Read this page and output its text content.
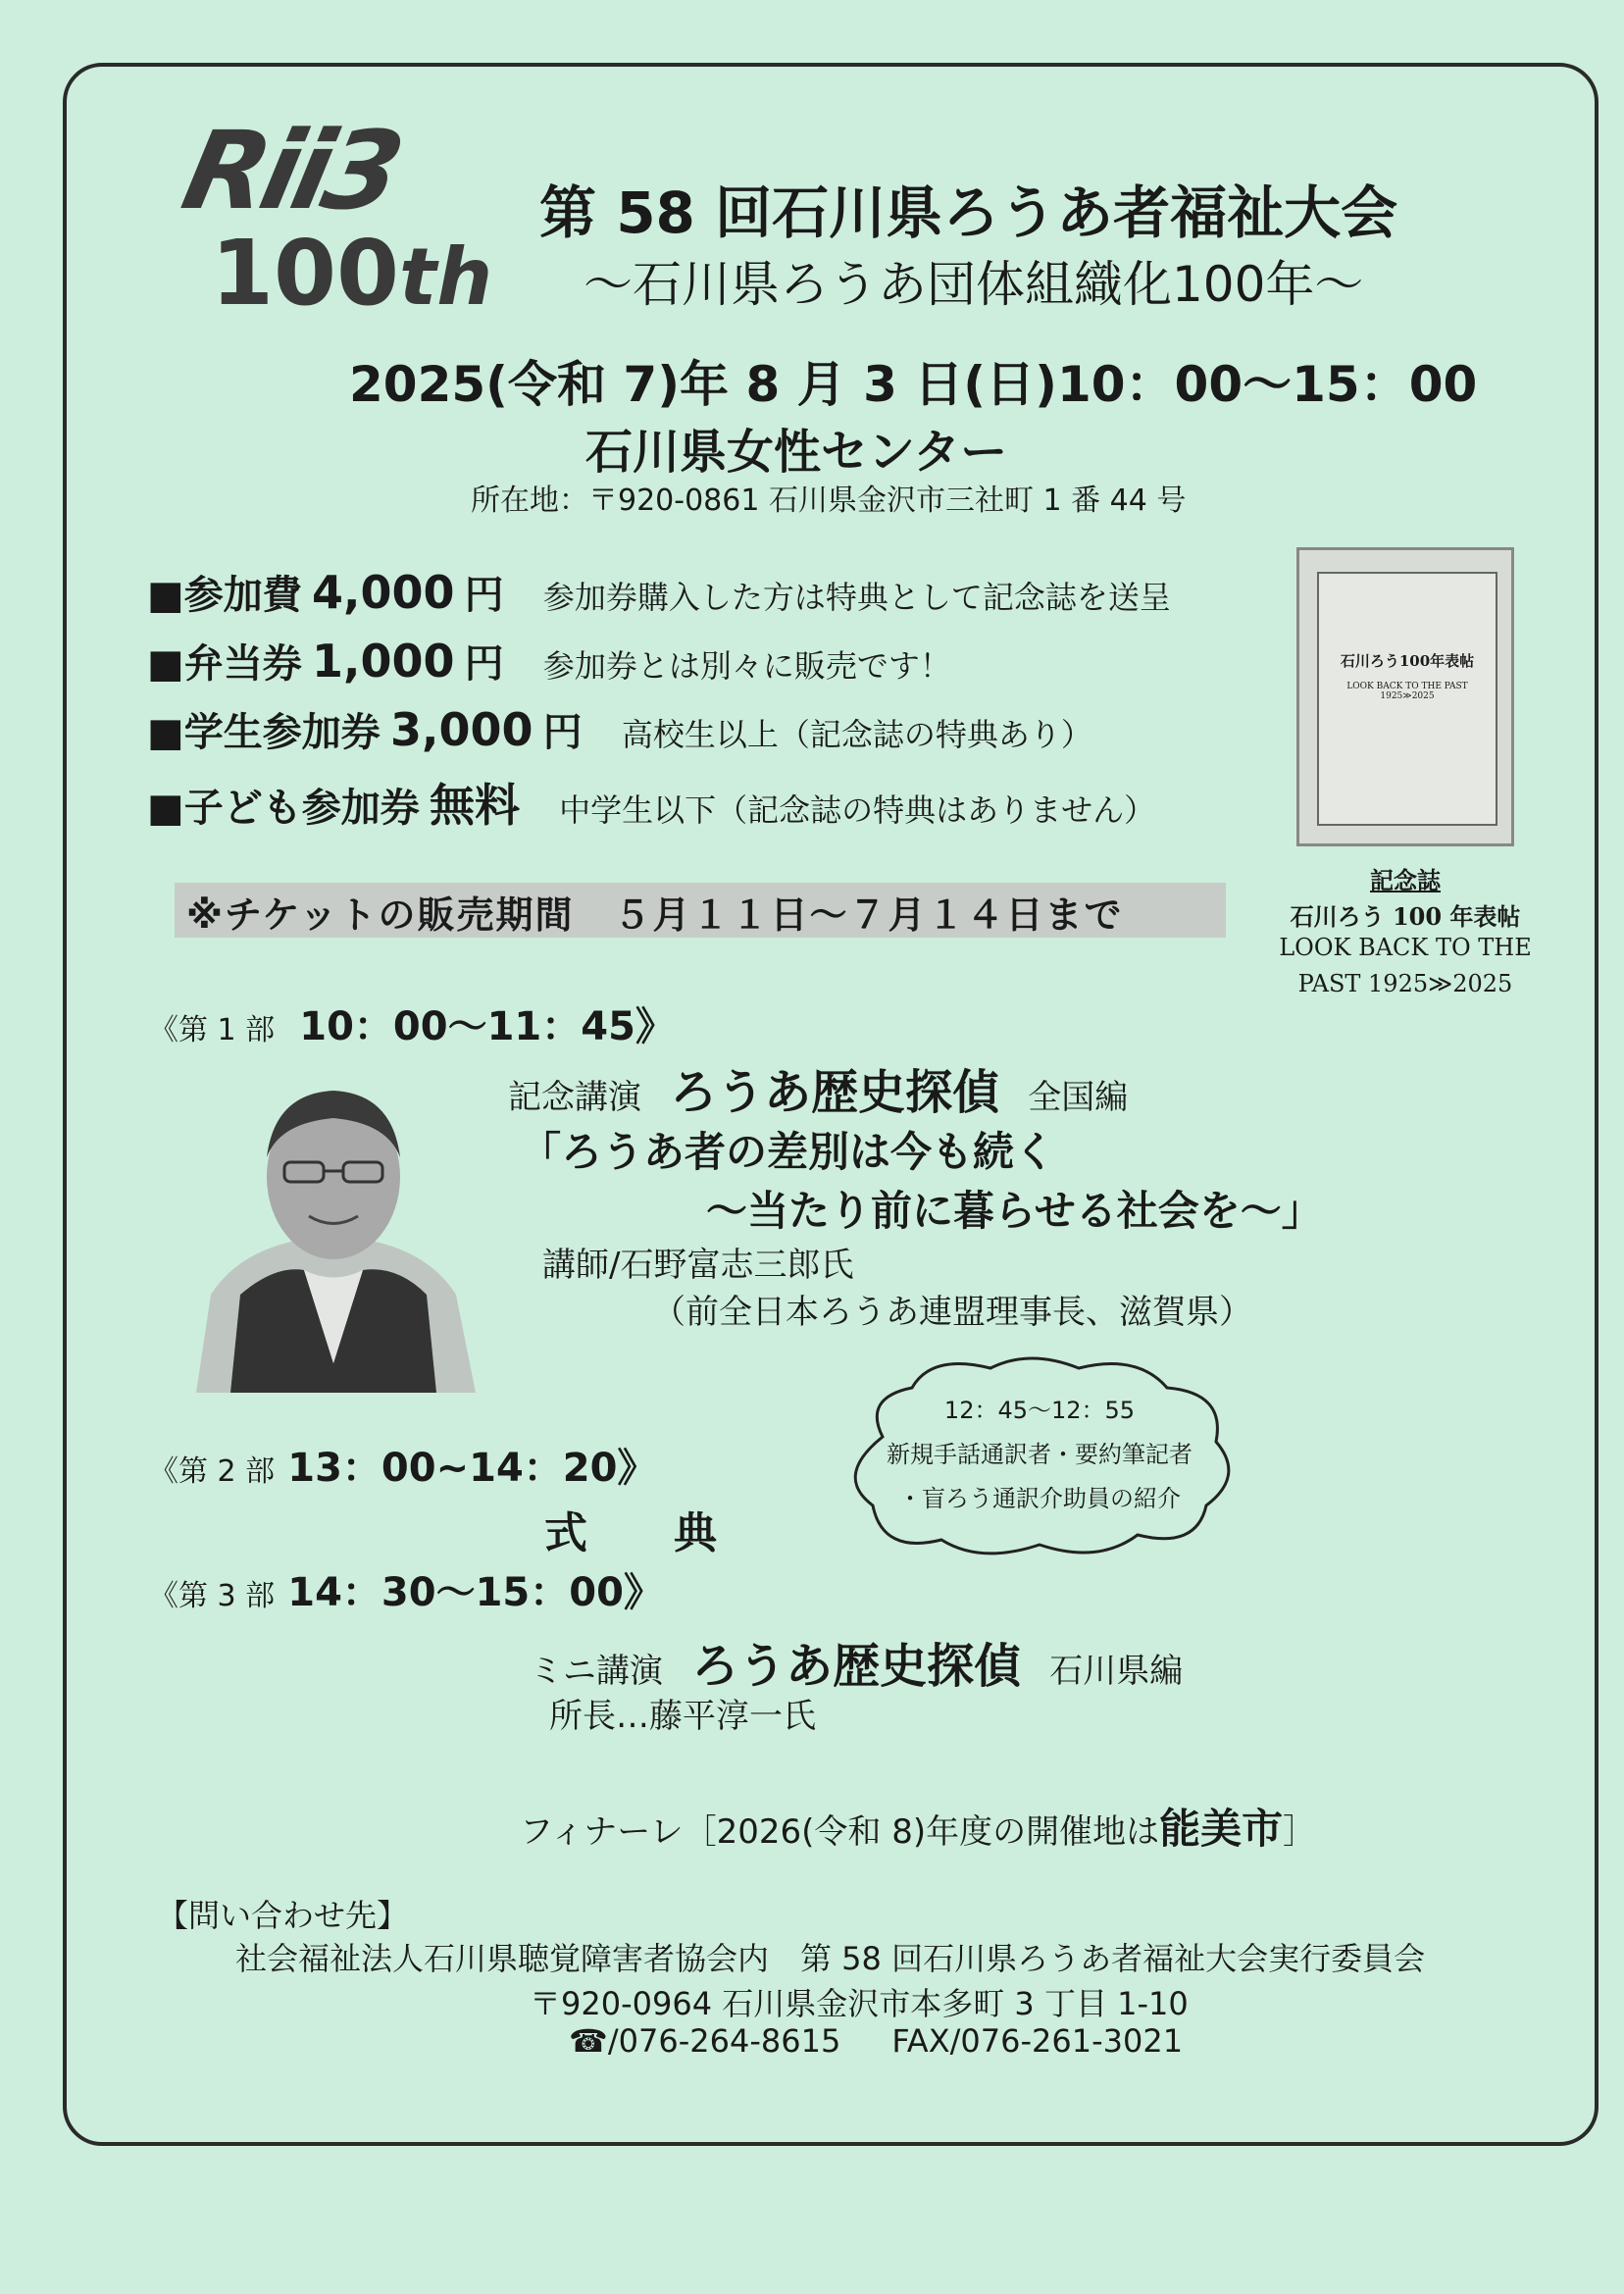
Rii3
100th
第 58 回石川県ろうあ者福祉大会
～石川県ろうあ団体組織化100年～
2025(令和 7)年 8 月 3 日(日)10：00～15：00
石川県女性センター
所在地：〒920-0861 石川県金沢市三社町 1 番 44 号
■参加費 4,000 円 参加券購入した方は特典として記念誌を送呈
■弁当券 1,000 円 参加券とは別々に販売です！
■学生参加券 3,000 円 高校生以上（記念誌の特典あり）
■子ども参加券 無料 中学生以下（記念誌の特典はありません）
石川ろう100年表帖
LOOK BACK TO THE PAST 1925≫2025
記念誌
石川ろう 100 年表帖
LOOK BACK TO THE
PAST 1925≫2025
※チケットの販売期間　５月１１日～７月１４日まで
《第 1 部 10：00～11：45》
記念講演 ろうあ歴史探偵 全国編
「ろうあ者の差別は今も続く
～当たり前に暮らせる社会を～」
講師/石野富志三郎氏
（前全日本ろうあ連盟理事長、滋賀県）
12：45～12：55
新規手話通訳者・要約筆記者
・盲ろう通訳介助員の紹介
《第 2 部 13：00~14：20》
式　　典
《第 3 部 14：30～15：00》
ミニ講演 ろうあ歴史探偵 石川県編
所長…藤平淳一氏
フィナーレ［2026(令和 8)年度の開催地は能美市］
【問い合わせ先】
社会福祉法人石川県聴覚障害者協会内　第 58 回石川県ろうあ者福祉大会実行委員会
〒920-0964 石川県金沢市本多町 3 丁目 1-10
☎/076-264-8615 FAX/076-261-3021
